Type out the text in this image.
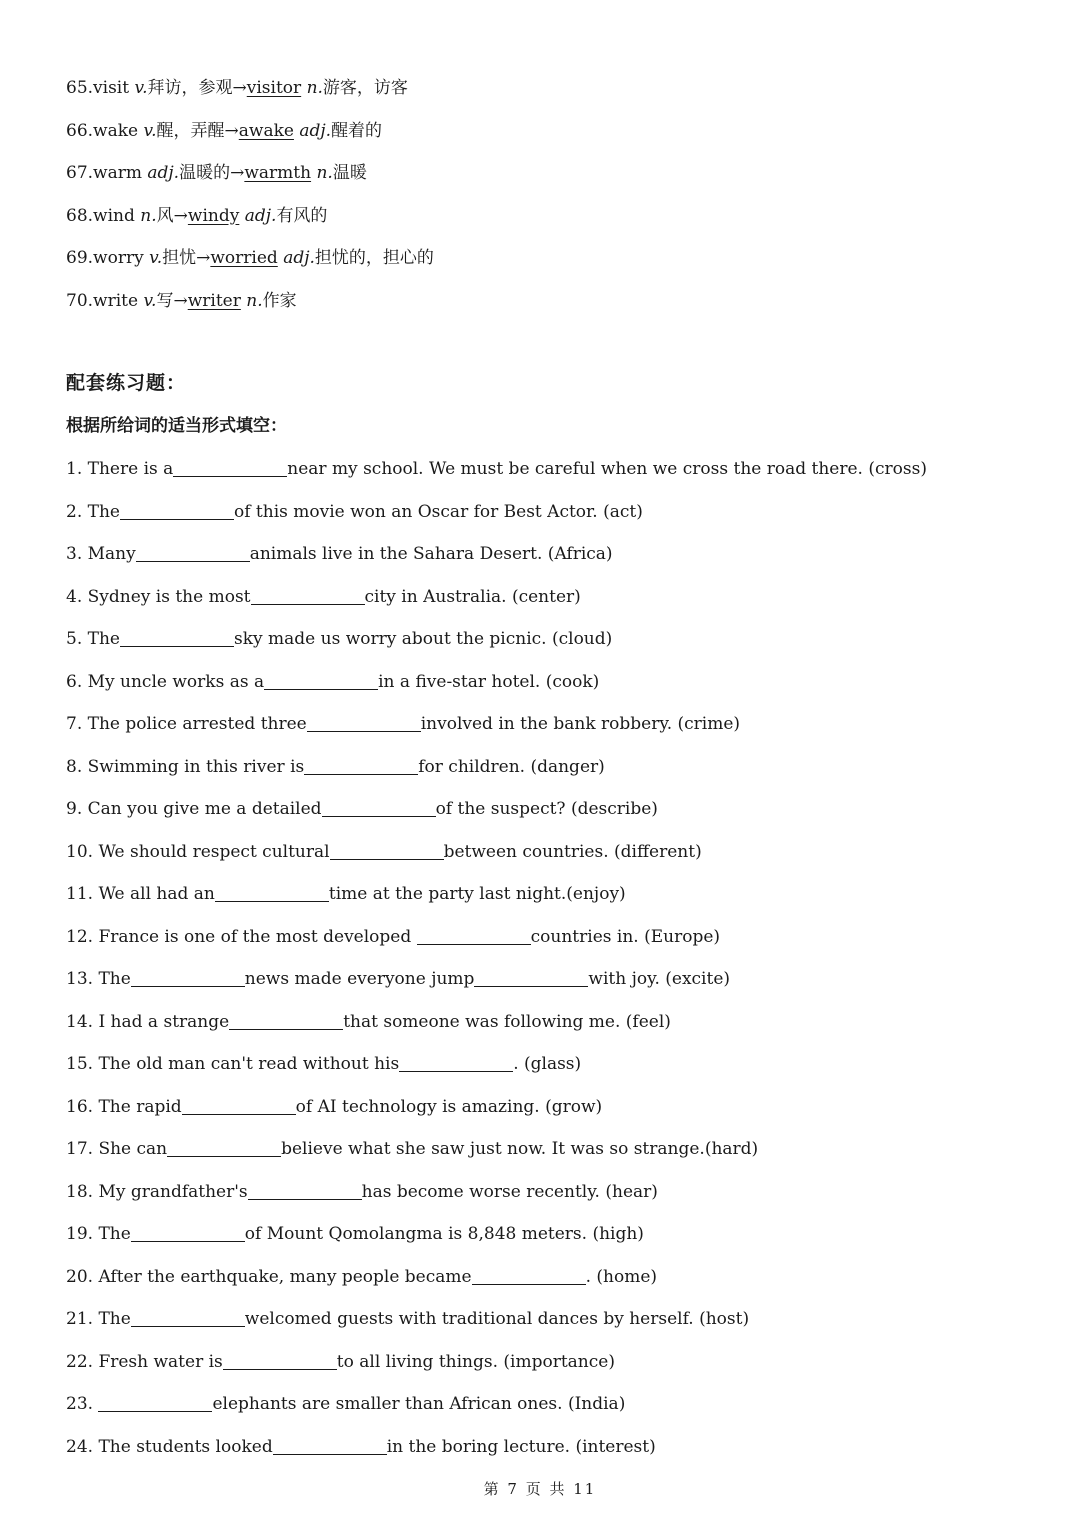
65.visit v.拜访，参观→visitor n.游客，访客
66.wake v.醒，弄醒→awake adj.醒着的
67.warm adj.温暖的→warmth n.温暖
68.wind n.风→windy adj.有风的
69.worry v.担忧→worried adj.担忧的，担心的
70.write v.写→writer n.作家
配套练习题：
根据所给词的适当形式填空：
1. There is a	near my school. We must be careful when we cross the road there. (cross)
2. The	of this movie won an Oscar for Best Actor. (act)
3. Many	animals live in the Sahara Desert. (Africa)
4. Sydney is the most	city in Australia. (center)
5. The	sky made us worry about the picnic. (cloud)
6. My uncle works as a	in a five-star hotel. (cook)
7. The police arrested three	involved in the bank robbery. (crime)
8. Swimming in this river is	for children. (danger)
9. Can you give me a detailed	of the suspect? (describe)
10. We should respect cultural	between countries. (different)
11. We all had an	time at the party last night.(enjoy)
12. France is one of the most developed	countries in. (Europe)
13. The	news made everyone jump	with joy. (excite)
14. I had a strange	that someone was following me. (feel)
15. The old man can't read without his	. (glass)
16. The rapid	of AI technology is amazing. (grow)
17. She can	believe what she saw just now. It was so strange.(hard)
18. My grandfather's	has become worse recently. (hear)
19. The	of Mount Qomolangma is 8,848 meters. (high)
20. After the earthquake, many people became	. (home)
21. The	welcomed guests with traditional dances by herself. (host)
22. Fresh water is	to all living things. (importance)
23.	elephants are smaller than African ones. (India)
24. The students looked	in the boring lecture. (interest)
第 7 页 共 11
